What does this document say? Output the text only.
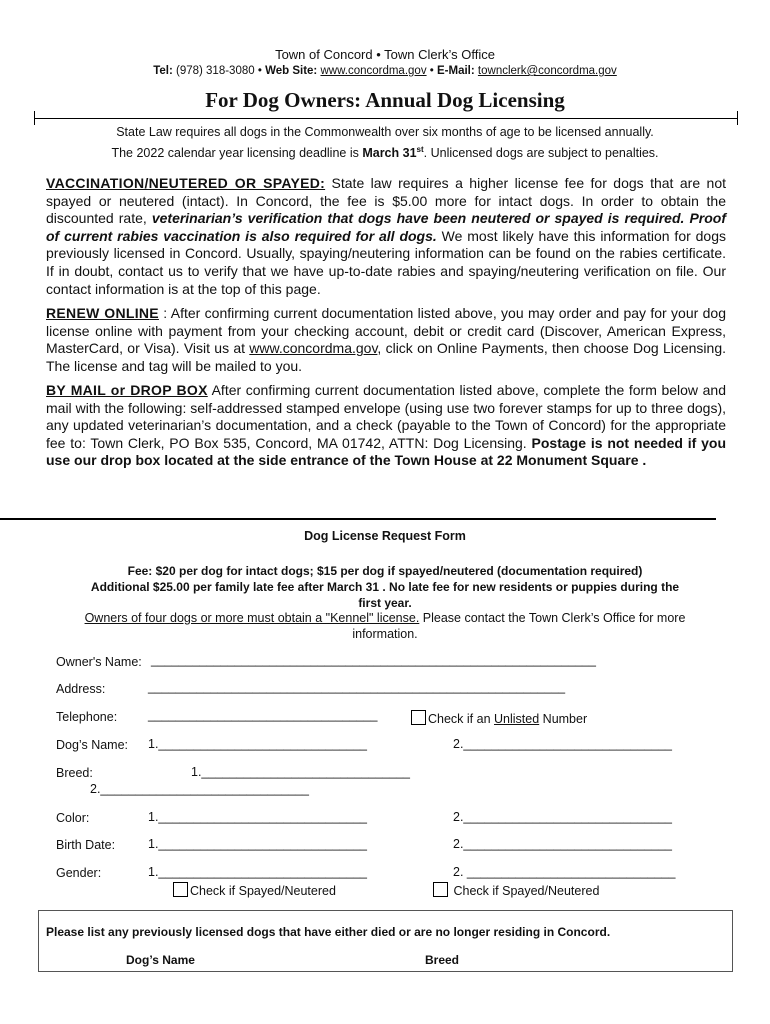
Town of Concord • Town Clerk’s Office
Tel: (978) 318-3080 • Web Site: www.concordma.gov • E-Mail: townclerk@concordma.gov
For Dog Owners: Annual Dog Licensing
State Law requires all dogs in the Commonwealth over six months of age to be licensed annually.
The 2022 calendar year licensing deadline is March 31st. Unlicensed dogs are subject to penalties.
VACCINATION/NEUTERED OR SPAYED: State law requires a higher license fee for dogs that are not spayed or neutered (intact). In Concord, the fee is $5.00 more for intact dogs. In order to obtain the discounted rate, veterinarian’s verification that dogs have been neutered or spayed is required. Proof of current rabies vaccination is also required for all dogs. We most likely have this information for dogs previously licensed in Concord. Usually, spaying/neutering information can be found on the rabies certificate. If in doubt, contact us to verify that we have up-to-date rabies and spaying/neutering verification on file. Our contact information is at the top of this page.
RENEW ONLINE : After confirming current documentation listed above, you may order and pay for your dog license online with payment from your checking account, debit or credit card (Discover, American Express, MasterCard, or Visa). Visit us at www.concordma.gov, click on Online Payments, then choose Dog Licensing. The license and tag will be mailed to you.
BY MAIL or DROP BOX After confirming current documentation listed above, complete the form below and mail with the following: self-addressed stamped envelope (using use two forever stamps for up to three dogs), any updated veterinarian’s documentation, and a check (payable to the Town of Concord) for the appropriate fee to: Town Clerk, PO Box 535, Concord, MA 01742, ATTN: Dog Licensing. Postage is not needed if you use our drop box located at the side entrance of the Town House at 22 Monument Square .
Dog License Request Form
Fee: $20 per dog for intact dogs; $15 per dog if spayed/neutered (documentation required)
Additional $25.00 per family late fee after March 31 . No late fee for new residents or puppies during the
first year.
Owners of four dogs or more must obtain a "Kennel" license. Please contact the Town Clerk’s Office for more
information.
Owner's Name: ________________________________________________________________
Address:	____________________________________________________________
Telephone: _________________________________	Check if an Unlisted Number
Dog’s Name: 1.______________________________	2.______________________________
Breed:	1.______________________________
2.______________________________
Color:	1.______________________________	2.______________________________
Birth Date:	1.______________________________	2.______________________________
Gender:	1.______________________________	2. ______________________________
Check if Spayed/Neutered	Check if Spayed/Neutered
Please list any previously licensed dogs that have either died or are no longer residing in Concord.
Dog’s Name	Breed
